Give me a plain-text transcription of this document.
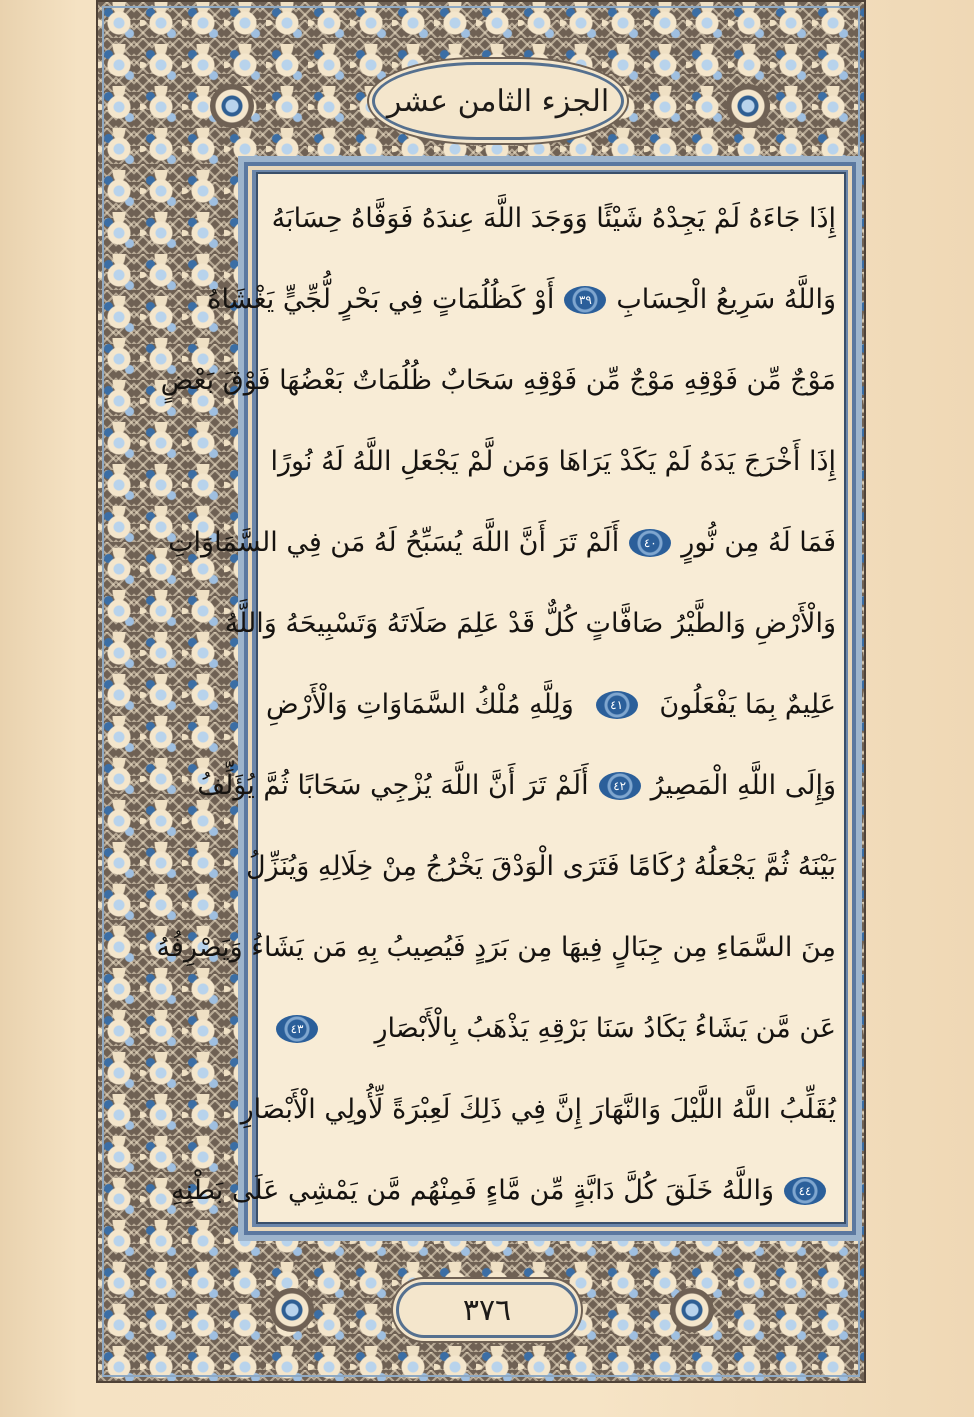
الجزء الثامن عشر
إِذَا جَاءَهُ لَمْ يَجِدْهُ شَيْئًا وَوَجَدَ اللَّهَ عِندَهُ فَوَفَّاهُ حِسَابَهُ
وَاللَّهُ سَرِيعُ الْحِسَابِ
٣٩
أَوْ كَظُلُمَاتٍ فِي بَحْرٍ لُّجِّيٍّ يَغْشَاهُ
مَوْجٌ مِّن فَوْقِهِ مَوْجٌ مِّن فَوْقِهِ سَحَابٌ ظُلُمَاتٌ بَعْضُهَا فَوْقَ بَعْضٍ
إِذَا أَخْرَجَ يَدَهُ لَمْ يَكَدْ يَرَاهَا وَمَن لَّمْ يَجْعَلِ اللَّهُ لَهُ نُورًا
فَمَا لَهُ مِن نُّورٍ
٤٠
أَلَمْ تَرَ أَنَّ اللَّهَ يُسَبِّحُ لَهُ مَن فِي السَّمَاوَاتِ
وَالْأَرْضِ وَالطَّيْرُ صَافَّاتٍ كُلٌّ قَدْ عَلِمَ صَلَاتَهُ وَتَسْبِيحَهُ وَاللَّهُ
عَلِيمٌ بِمَا يَفْعَلُونَ
٤١
وَلِلَّهِ مُلْكُ السَّمَاوَاتِ وَالْأَرْضِ
وَإِلَى اللَّهِ الْمَصِيرُ
٤٢
أَلَمْ تَرَ أَنَّ اللَّهَ يُزْجِي سَحَابًا ثُمَّ يُؤَلِّفُ
بَيْنَهُ ثُمَّ يَجْعَلُهُ رُكَامًا فَتَرَى الْوَدْقَ يَخْرُجُ مِنْ خِلَالِهِ وَيُنَزِّلُ
مِنَ السَّمَاءِ مِن جِبَالٍ فِيهَا مِن بَرَدٍ فَيُصِيبُ بِهِ مَن يَشَاءُ وَيَصْرِفُهُ
عَن مَّن يَشَاءُ يَكَادُ سَنَا بَرْقِهِ يَذْهَبُ بِالْأَبْصَارِ
٤٣
يُقَلِّبُ اللَّهُ اللَّيْلَ وَالنَّهَارَ إِنَّ فِي ذَلِكَ لَعِبْرَةً لِّأُولِي الْأَبْصَارِ
٤٤
وَاللَّهُ خَلَقَ كُلَّ دَابَّةٍ مِّن مَّاءٍ فَمِنْهُم مَّن يَمْشِي عَلَى بَطْنِهِ
٣٧٦
